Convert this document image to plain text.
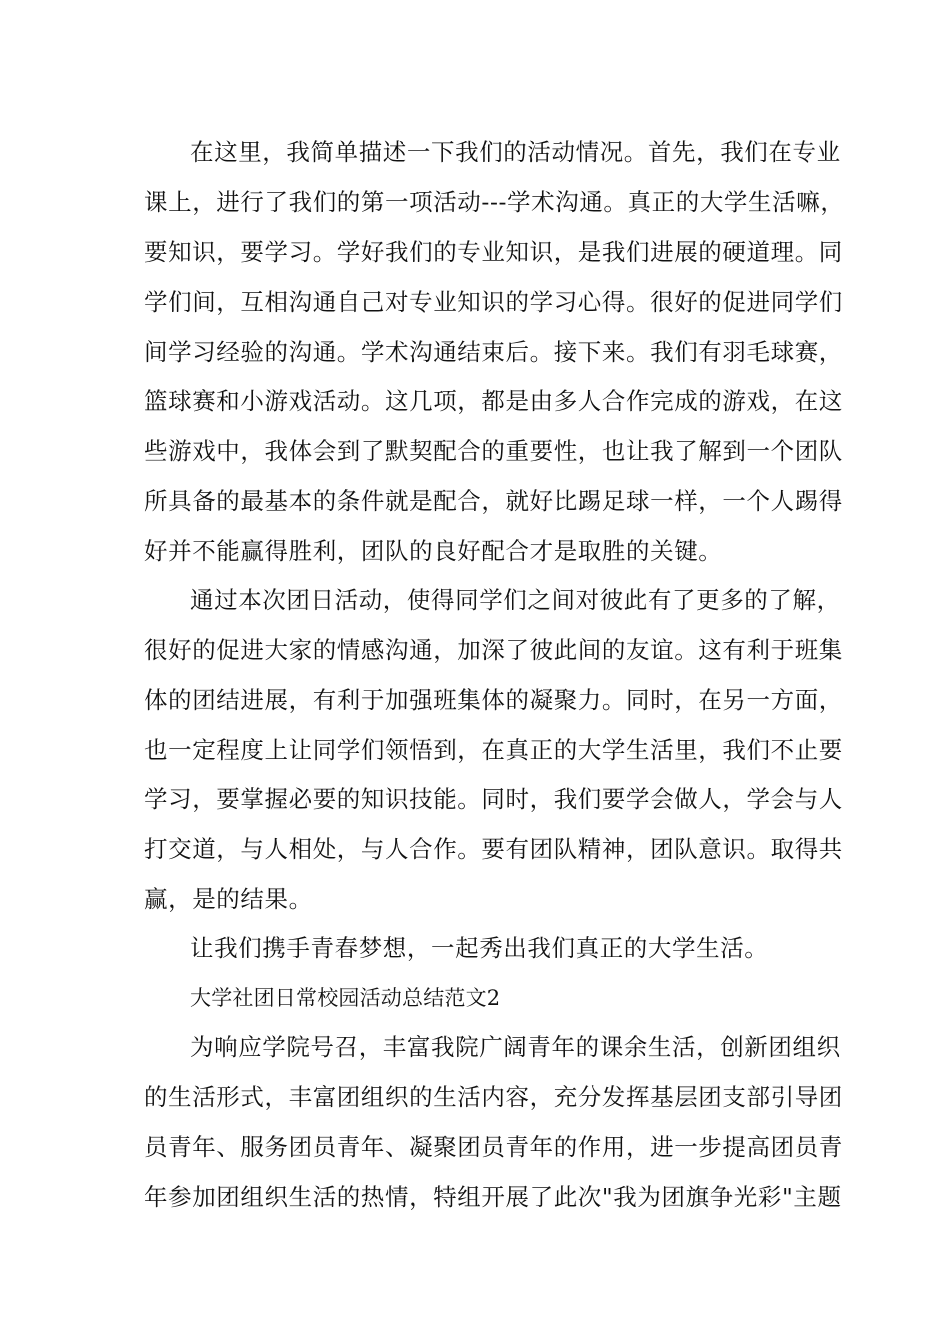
在这里，我简单描述一下我们的活动情况。首先，我们在专业
课上，进行了我们的第一项活动---学术沟通。真正的大学生活嘛，
要知识，要学习。学好我们的专业知识，是我们进展的硬道理。同
学们间，互相沟通自己对专业知识的学习心得。很好的促进同学们
间学习经验的沟通。学术沟通结束后。接下来。我们有羽毛球赛，
篮球赛和小游戏活动。这几项，都是由多人合作完成的游戏，在这
些游戏中，我体会到了默契配合的重要性，也让我了解到一个团队
所具备的最基本的条件就是配合，就好比踢足球一样，一个人踢得
好并不能赢得胜利，团队的良好配合才是取胜的关键。
通过本次团日活动，使得同学们之间对彼此有了更多的了解，
很好的促进大家的情感沟通，加深了彼此间的友谊。这有利于班集
体的团结进展，有利于加强班集体的凝聚力。同时，在另一方面，
也一定程度上让同学们领悟到，在真正的大学生活里，我们不止要
学习，要掌握必要的知识技能。同时，我们要学会做人，学会与人
打交道，与人相处，与人合作。要有团队精神，团队意识。取得共
赢，是的结果。
让我们携手青春梦想，一起秀出我们真正的大学生活。
大学社团日常校园活动总结范文2
为响应学院号召，丰富我院广阔青年的课余生活，创新团组织
的生活形式，丰富团组织的生活内容，充分发挥基层团支部引导团
员青年、服务团员青年、凝聚团员青年的作用，进一步提高团员青
年参加团组织生活的热情，特组开展了此次"我为团旗争光彩"主题
